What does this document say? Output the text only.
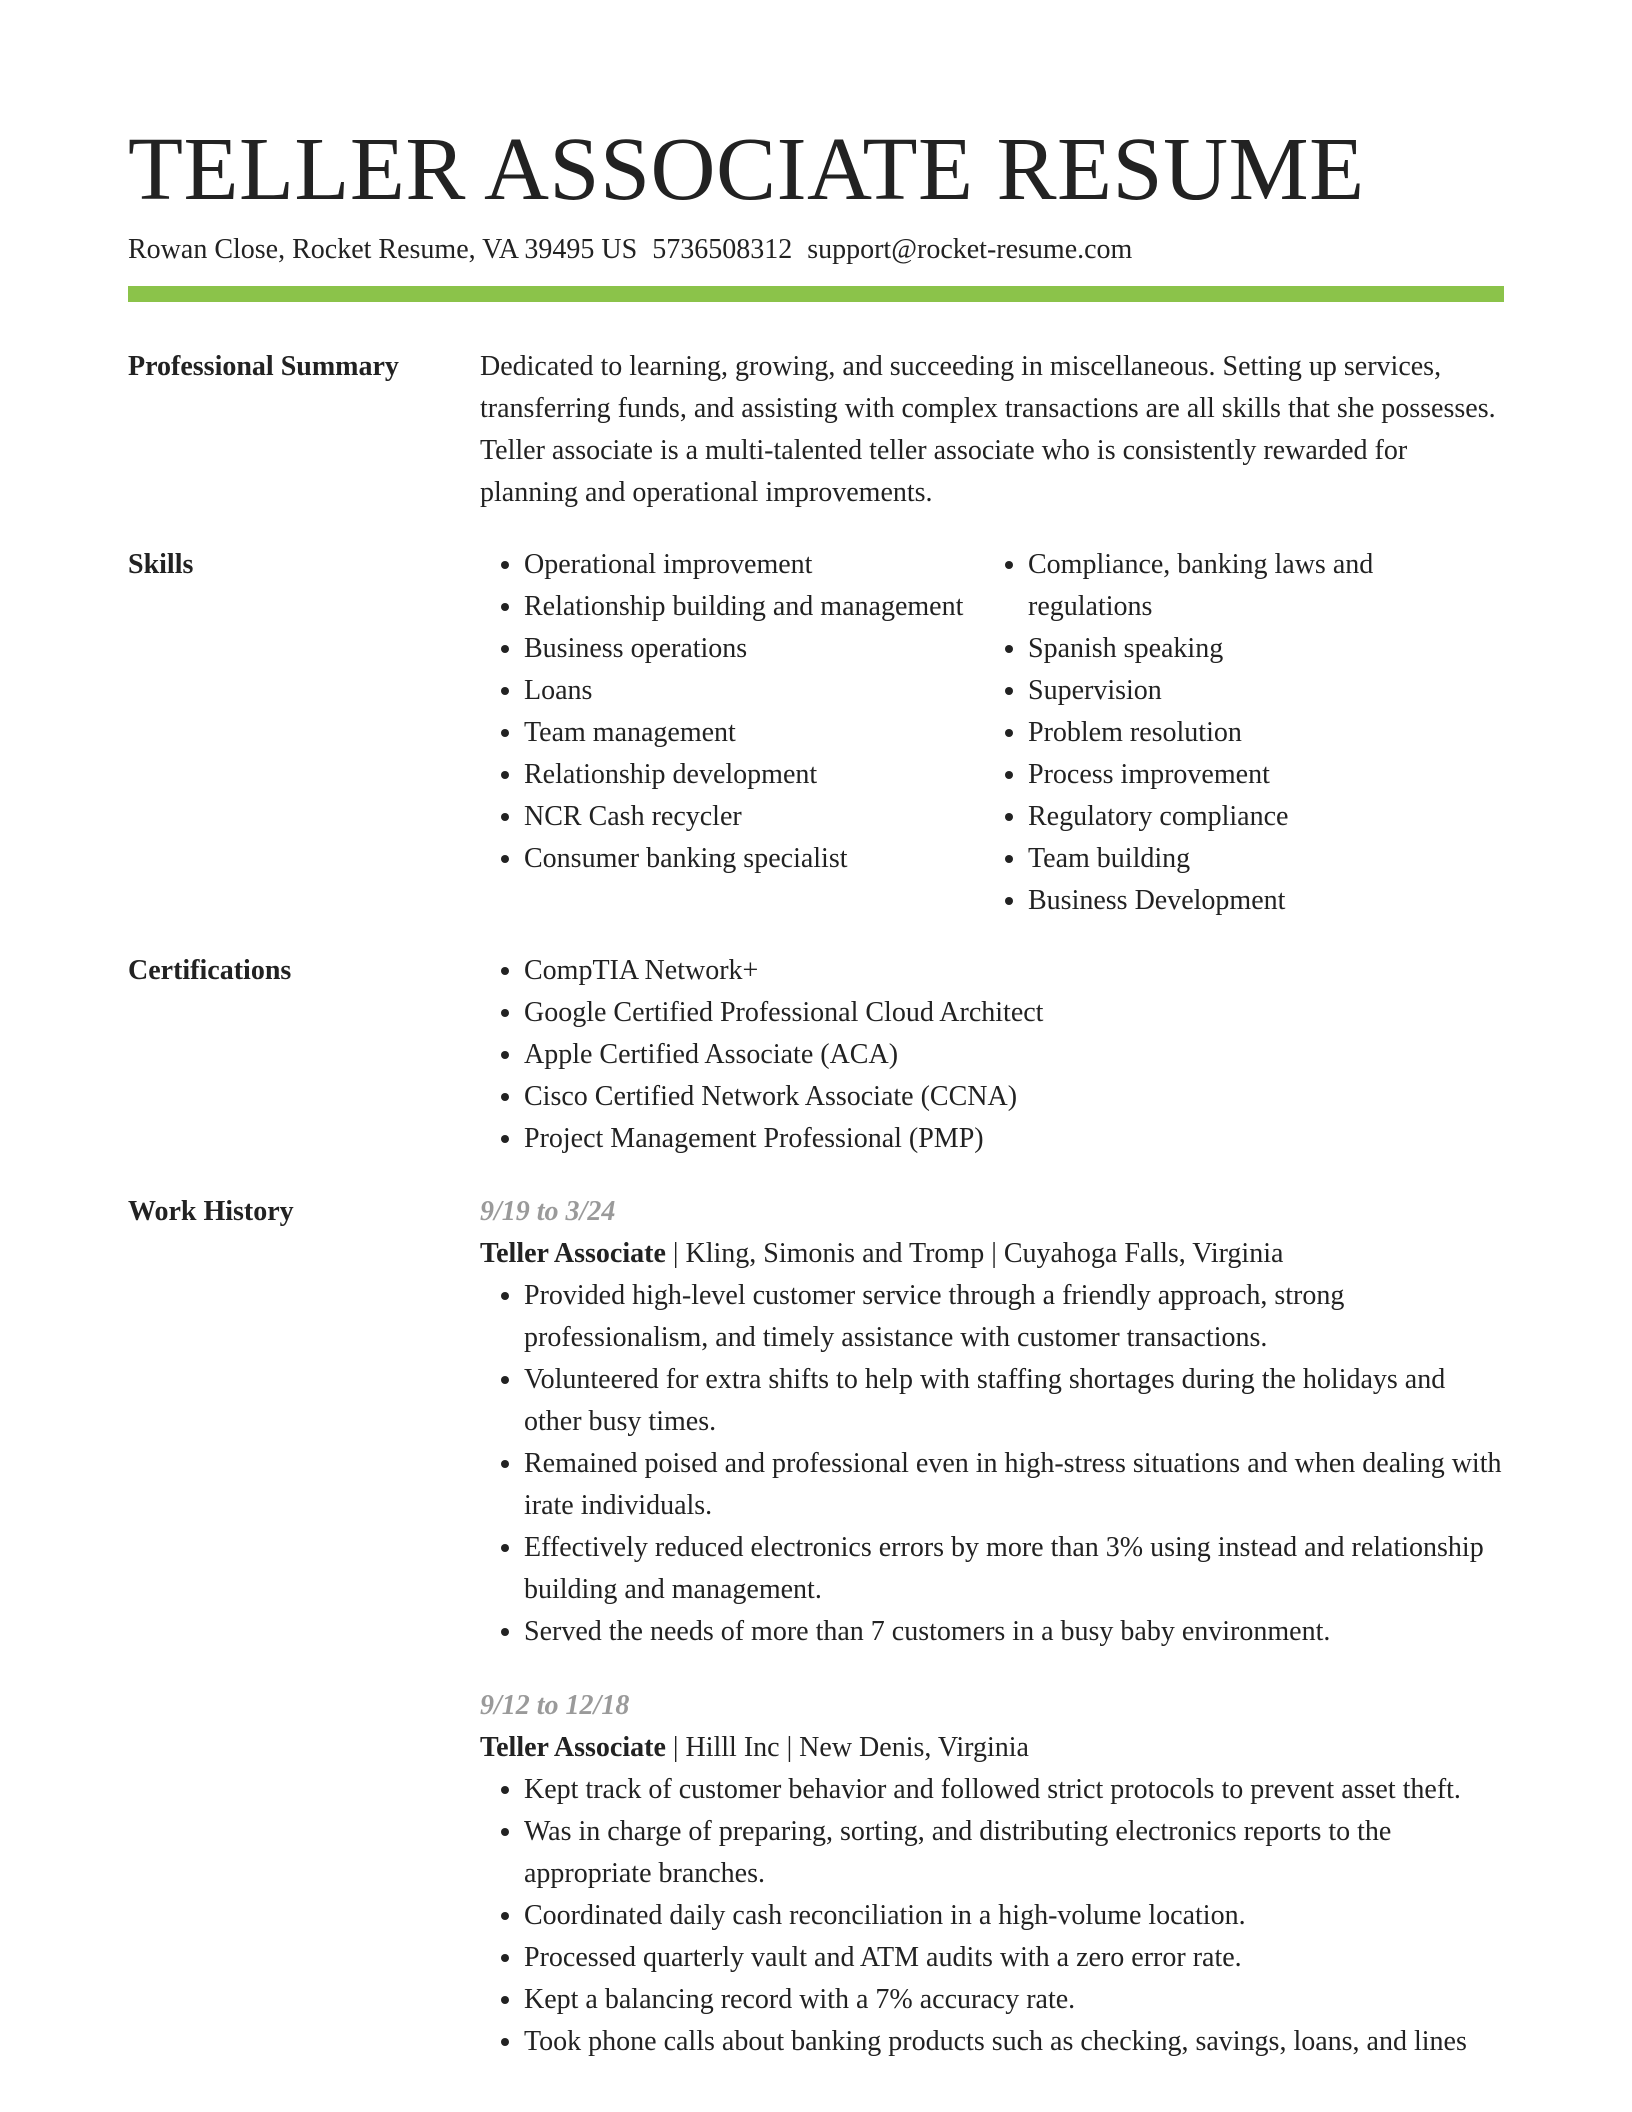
TELLER ASSOCIATE RESUME
Rowan Close, Rocket Resume, VA 39495 US 5736508312 support@rocket-resume.com
Professional Summary	Dedicated to learning, growing, and succeeding in miscellaneous. Setting up services, transferring funds, and assisting with complex transactions are all skills that she possesses. Teller associate is a multi-talented teller associate who is consistently rewarded for planning and operational improvements.

Skills	• Operational improvement
• Relationship building and management
• Business operations
• Loans
• Team management
• Relationship development
• NCR Cash recycler
• Consumer banking specialist
• Compliance, banking laws and regulations
• Spanish speaking
• Supervision
• Problem resolution
• Process improvement
• Regulatory compliance
• Team building
• Business Development
Certifications	• CompTIA Network+
• Google Certified Professional Cloud Architect
• Apple Certified Associate (ACA)
• Cisco Certified Network Associate (CCNA)
• Project Management Professional (PMP)
Work History	9/19 to 3/24
Teller Associate | Kling, Simonis and Tromp | Cuyahoga Falls, Virginia
• Provided high-level customer service through a friendly approach, strong professionalism, and timely assistance with customer transactions.
• Volunteered for extra shifts to help with staffing shortages during the holidays and other busy times.
• Remained poised and professional even in high-stress situations and when dealing with irate individuals.
• Effectively reduced electronics errors by more than 3% using instead and relationship building and management.
• Served the needs of more than 7 customers in a busy baby environment.
9/12 to 12/18
Teller Associate | Hilll Inc | New Denis, Virginia
• Kept track of customer behavior and followed strict protocols to prevent asset theft.
• Was in charge of preparing, sorting, and distributing electronics reports to the appropriate branches.
• Coordinated daily cash reconciliation in a high-volume location.
• Processed quarterly vault and ATM audits with a zero error rate.
• Kept a balancing record with a 7% accuracy rate.
• Took phone calls about banking products such as checking, savings, loans, and lines
